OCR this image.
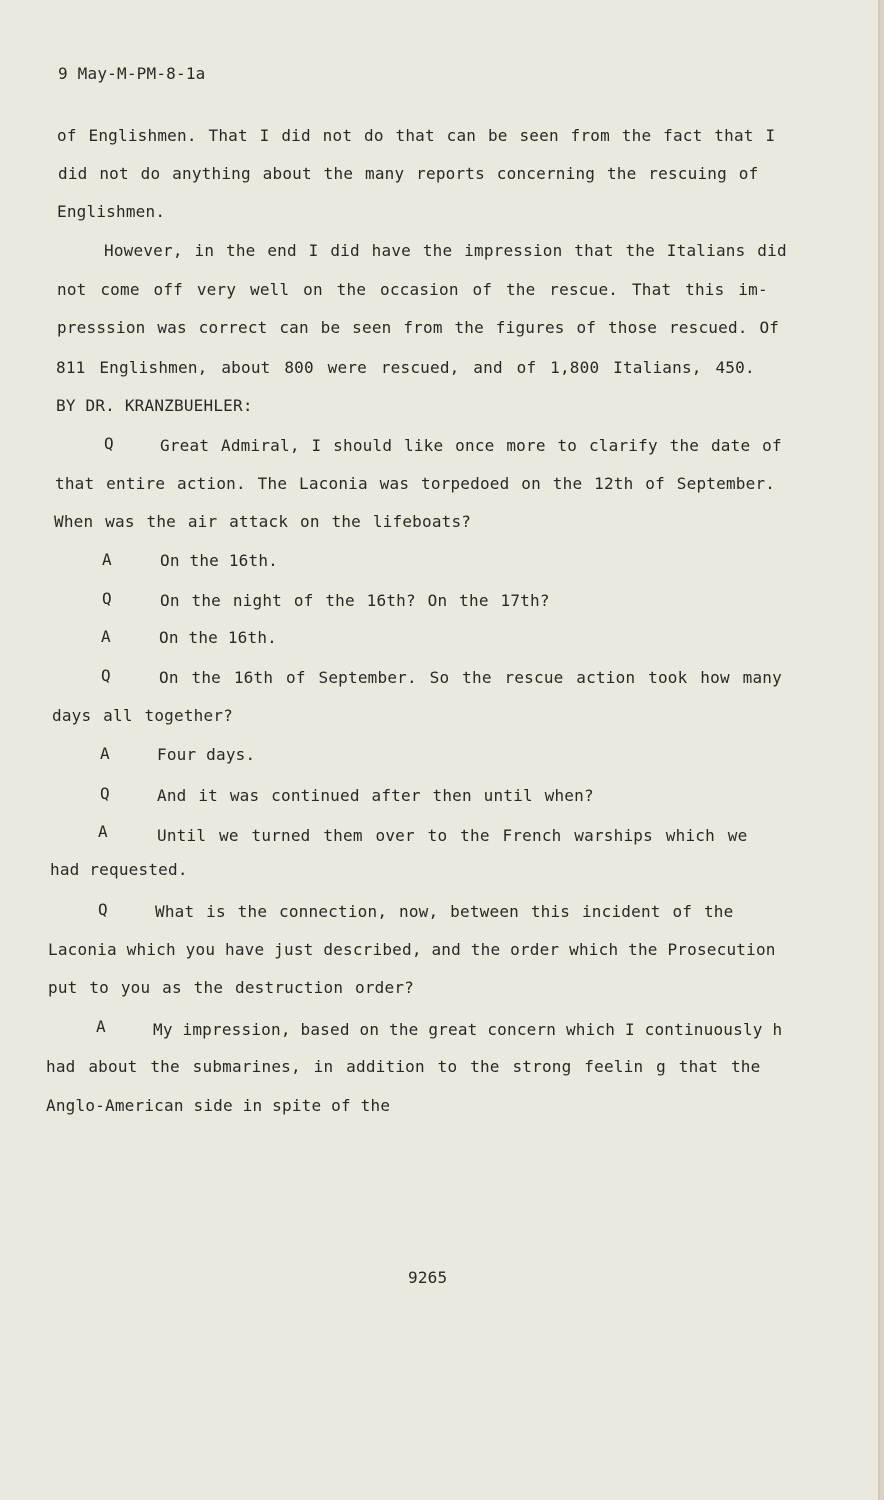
9 May-M-PM-8-1a
of Englishmen. That I did not do that can be seen from the fact that I
did not do anything about the many reports concerning the rescuing of
Englishmen.
However, in the end I did have the impression that the Italians did
not come off very well on the occasion of the rescue. That this im-
presssion was correct can be seen from the figures of those rescued. Of
811 Englishmen, about 800 were rescued, and of 1,800 Italians, 450.
BY DR. KRANZBUEHLER:
Q	Great Admiral, I should like once more to clarify the date of
that entire action. The Laconia was torpedoed on the 12th of September.
When was the air attack on the lifeboats?
A	On the 16th.
Q	On the night of the 16th? On the 17th?
A	On the 16th.
Q	On the 16th of September. So the rescue action took how many
days all together?
A	Four days.
Q	And it was continued after then until when?
A	Until we turned them over to the French warships which we
had requested.
Q	What is the connection, now, between this incident of the
Laconia which you have just described, and the order which the Prosecution
put to you as the destruction order?
A	My impression, based on the great concern which I continuously h
had about the submarines, in addition to the strong feelin g that the
Anglo-American side in spite of the
9265
